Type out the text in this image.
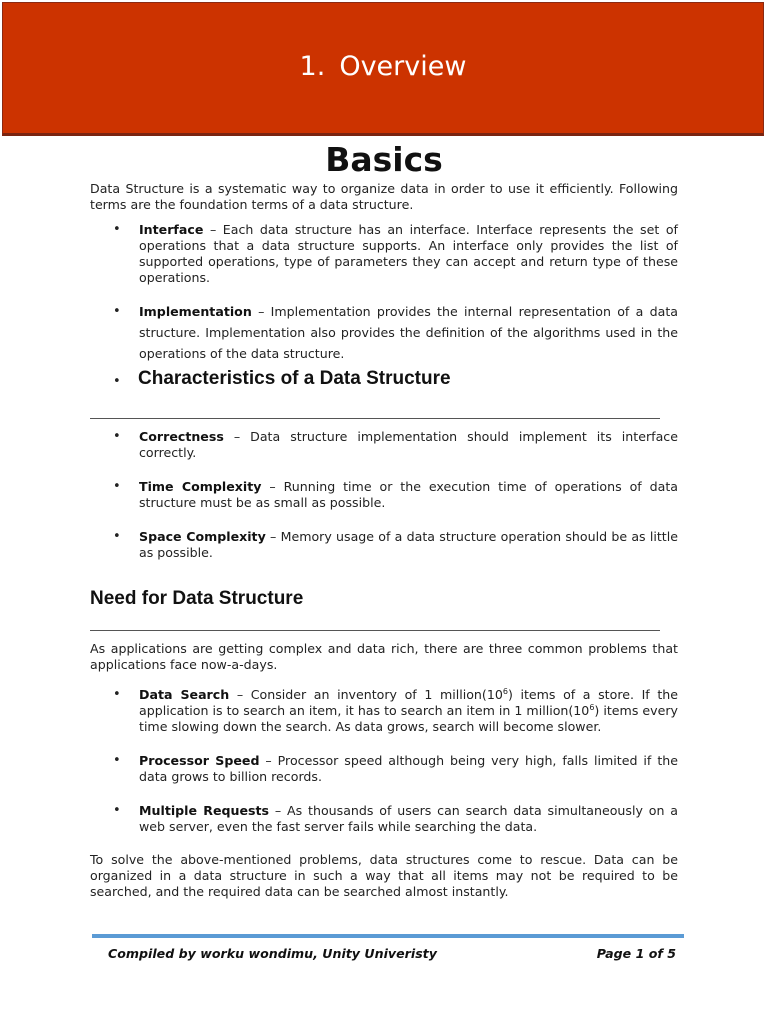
1. Overview
Basics
Data Structure is a systematic way to organize data in order to use it efficiently. Following terms are the foundation terms of a data structure.
• Interface – Each data structure has an interface. Interface represents the set of operations that a data structure supports. An interface only provides the list of supported operations, type of parameters they can accept and return type of these operations.
• Implementation – Implementation provides the internal representation of a data structure. Implementation also provides the definition of the algorithms used in the operations of the data structure.
• Characteristics of a Data Structure
• Correctness – Data structure implementation should implement its interface correctly.
• Time Complexity – Running time or the execution time of operations of data structure must be as small as possible.
• Space Complexity – Memory usage of a data structure operation should be as little as possible.
Need for Data Structure
As applications are getting complex and data rich, there are three common problems that applications face now-a-days.
• Data Search – Consider an inventory of 1 $million(10^6)$ items of a store. If the application is to search an item, it has to search an item in 1 $million(10^6)$ items every time slowing down the search. As data grows, search will become slower.
• Processor Speed – Processor speed although being very high, falls limited if the data grows to billion records.
• Multiple Requests – As thousands of users can search data simultaneously on a web server, even the fast server fails while searching the data.
To solve the above-mentioned problems, data structures come to rescue. Data can be organized in a data structure in such a way that all items may not be required to be searched, and the required data can be searched almost instantly.
Compiled by worku wondimu, Unity Univeristy	Page 1 of 5
